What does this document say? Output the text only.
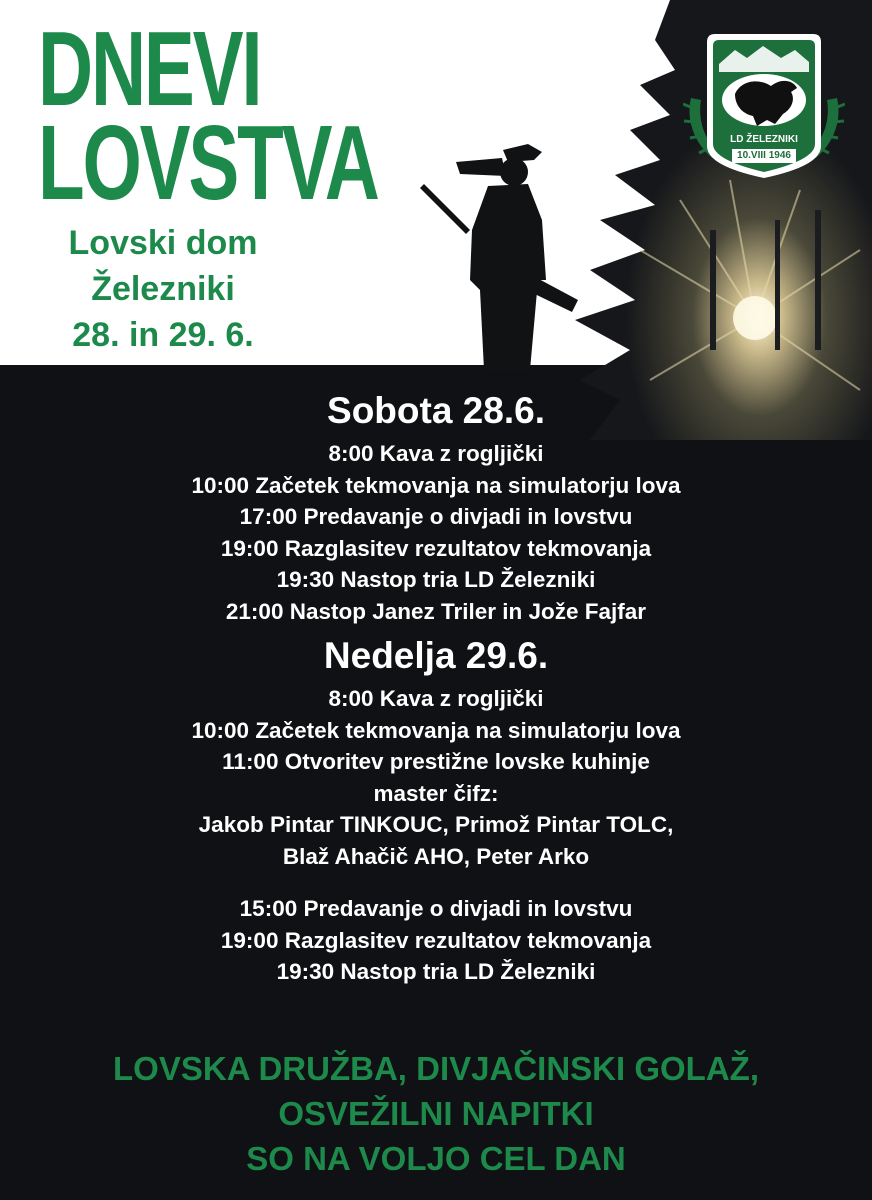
DNEVI
LOVSTVA
Lovski dom
Železniki
28. in 29. 6.
LD ŽELEZNIKI
10.VIII 1946
Sobota 28.6.
8:00 Kava z rogljički
10:00 Začetek tekmovanja na simulatorju lova
17:00 Predavanje o divjadi in lovstvu
19:00 Razglasitev rezultatov tekmovanja
19:30 Nastop tria LD Železniki
21:00 Nastop Janez Triler in Jože Fajfar
Nedelja 29.6.
8:00 Kava z rogljički
10:00 Začetek tekmovanja na simulatorju lova
11:00 Otvoritev prestižne lovske kuhinje
master čifz:
Jakob Pintar TINKOUC, Primož Pintar TOLC,
Blaž Ahačič AHO, Peter Arko
15:00 Predavanje o divjadi in lovstvu
19:00 Razglasitev rezultatov tekmovanja
19:30 Nastop tria LD Železniki
LOVSKA DRUŽBA, DIVJAČINSKI GOLAŽ,
OSVEŽILNI NAPITKI
SO NA VOLJO CEL DAN
